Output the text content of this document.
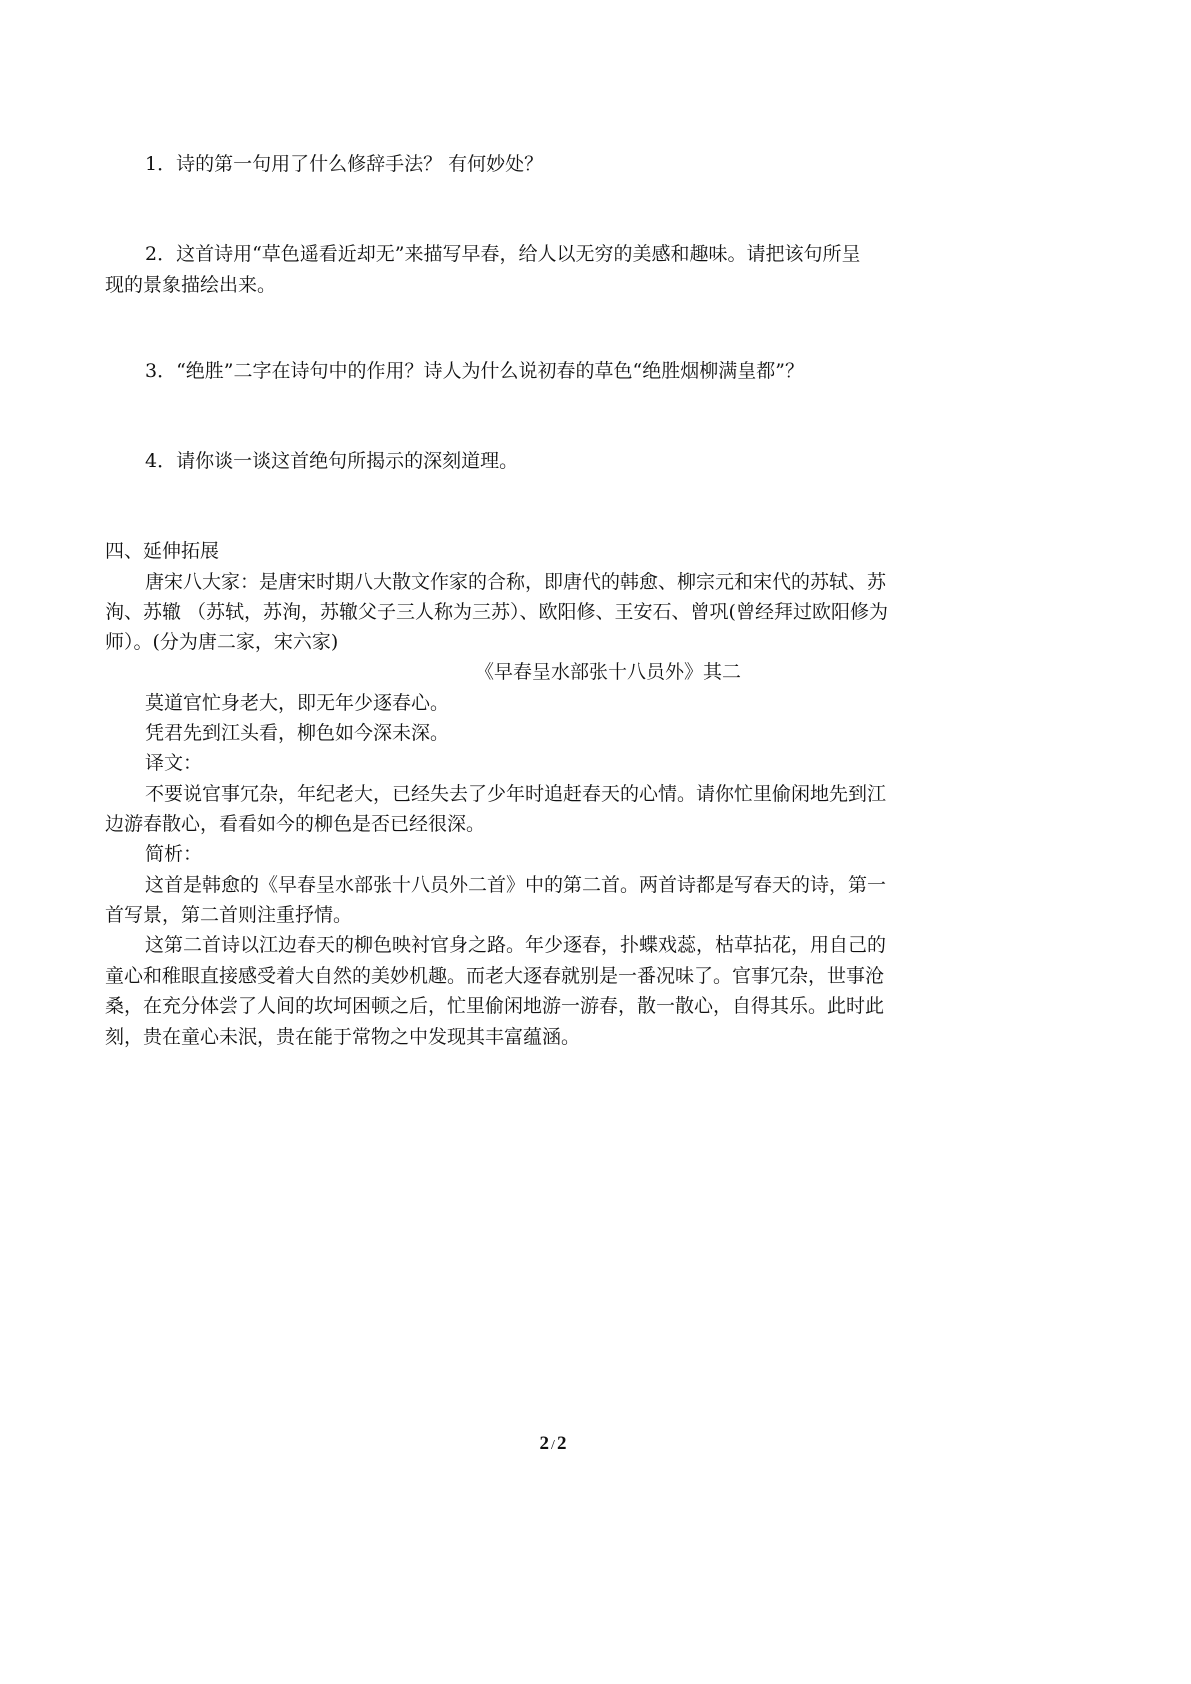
1．诗的第一句用了什么修辞手法？ 有何妙处？
2．这首诗用“草色遥看近却无”来描写早春，给人以无穷的美感和趣味。请把该句所呈
现的景象描绘出来。
3．“绝胜”二字在诗句中的作用？诗人为什么说初春的草色“绝胜烟柳满皇都”？
4．请你谈一谈这首绝句所揭示的深刻道理。
四、延伸拓展
唐宋八大家：是唐宋时期八大散文作家的合称，即唐代的韩愈、柳宗元和宋代的苏轼、苏
洵、苏辙 （苏轼，苏洵，苏辙父子三人称为三苏）、欧阳修、王安石、曾巩(曾经拜过欧阳修为
师）。(分为唐二家，宋六家)
《早春呈水部张十八员外》其二
莫道官忙身老大，即无年少逐春心。
凭君先到江头看，柳色如今深未深。
译文：
不要说官事冗杂，年纪老大，已经失去了少年时追赶春天的心情。请你忙里偷闲地先到江
边游春散心，看看如今的柳色是否已经很深。
简析：
这首是韩愈的《早春呈水部张十八员外二首》中的第二首。两首诗都是写春天的诗，第一
首写景，第二首则注重抒情。
这第二首诗以江边春天的柳色映衬官身之路。年少逐春，扑蝶戏蕊，枯草拈花，用自己的
童心和稚眼直接感受着大自然的美妙机趣。而老大逐春就别是一番况味了。官事冗杂，世事沧
桑，在充分体尝了人间的坎坷困顿之后，忙里偷闲地游一游春，散一散心，自得其乐。此时此
刻，贵在童心未泯，贵在能于常物之中发现其丰富蕴涵。
2 / 2
